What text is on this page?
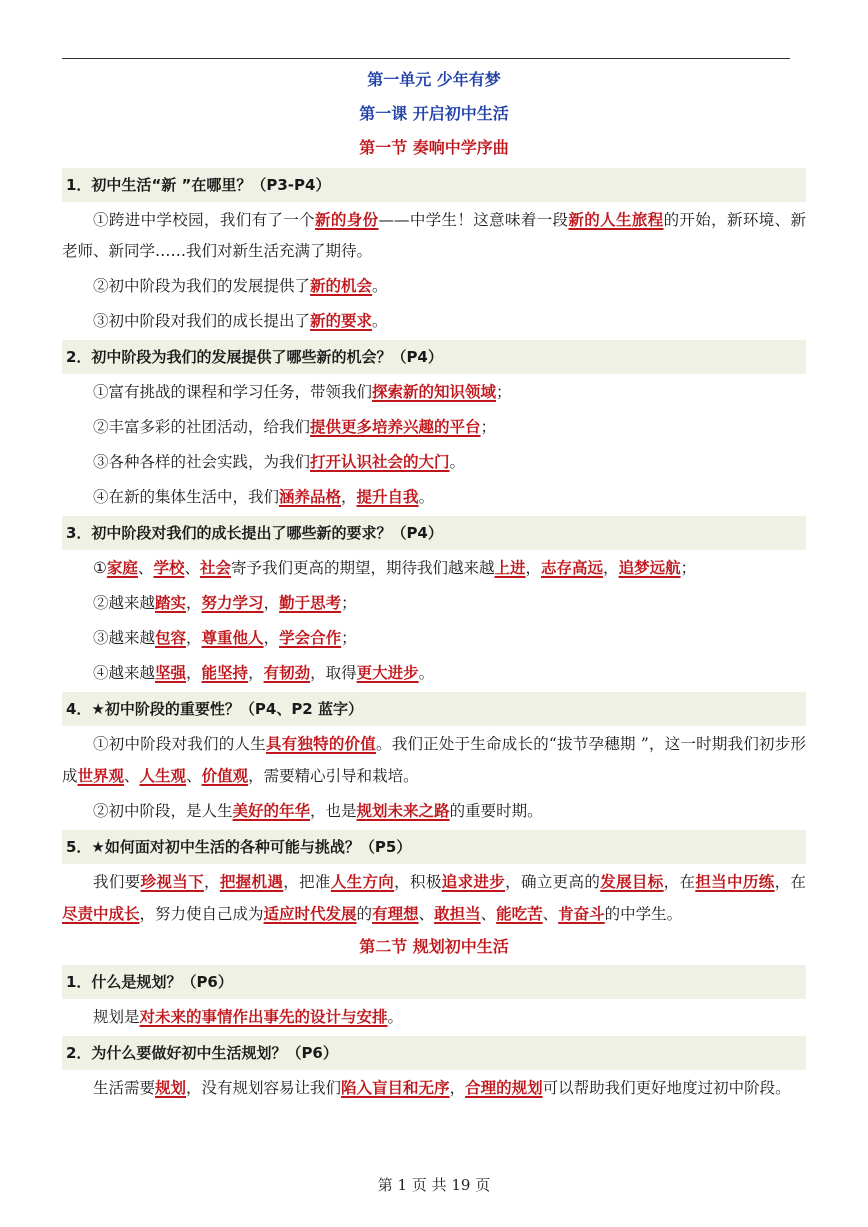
第一单元 少年有梦
第一课 开启初中生活
第一节 奏响中学序曲
1．初中生活“新 ”在哪里？（P3-P4）
①跨进中学校园，我们有了一个新的身份——中学生！这意味着一段新的人生旅程的开始，新环境、新老师、新同学……我们对新生活充满了期待。
②初中阶段为我们的发展提供了新的机会。
③初中阶段对我们的成长提出了新的要求。
2．初中阶段为我们的发展提供了哪些新的机会？（P4）
①富有挑战的课程和学习任务，带领我们探索新的知识领域；
②丰富多彩的社团活动，给我们提供更多培养兴趣的平台；
③各种各样的社会实践，为我们打开认识社会的大门。
④在新的集体生活中，我们涵养品格，提升自我。
3．初中阶段对我们的成长提出了哪些新的要求？（P4）
①家庭、学校、社会寄予我们更高的期望，期待我们越来越上进，志存高远，追梦远航；
②越来越踏实，努力学习，勤于思考；
③越来越包容，尊重他人，学会合作；
④越来越坚强，能坚持，有韧劲，取得更大进步。
4．★初中阶段的重要性？（P4、P2 蓝字）
①初中阶段对我们的人生具有独特的价值。我们正处于生命成长的“拔节孕穗期 ”，这一时期我们初步形成世界观、人生观、价值观，需要精心引导和栽培。
②初中阶段，是人生美好的年华，也是规划未来之路的重要时期。
5．★如何面对初中生活的各种可能与挑战？（P5）
我们要珍视当下，把握机遇，把准人生方向，积极追求进步，确立更高的发展目标，在担当中历练，在尽责中成长，努力使自己成为适应时代发展的有理想、敢担当、能吃苦、肯奋斗的中学生。
第二节 规划初中生活
1．什么是规划？（P6）
规划是对未来的事情作出事先的设计与安排。
2．为什么要做好初中生活规划？（P6）
生活需要规划，没有规划容易让我们陷入盲目和无序，合理的规划可以帮助我们更好地度过初中阶段。
第 1 页 共 19 页
